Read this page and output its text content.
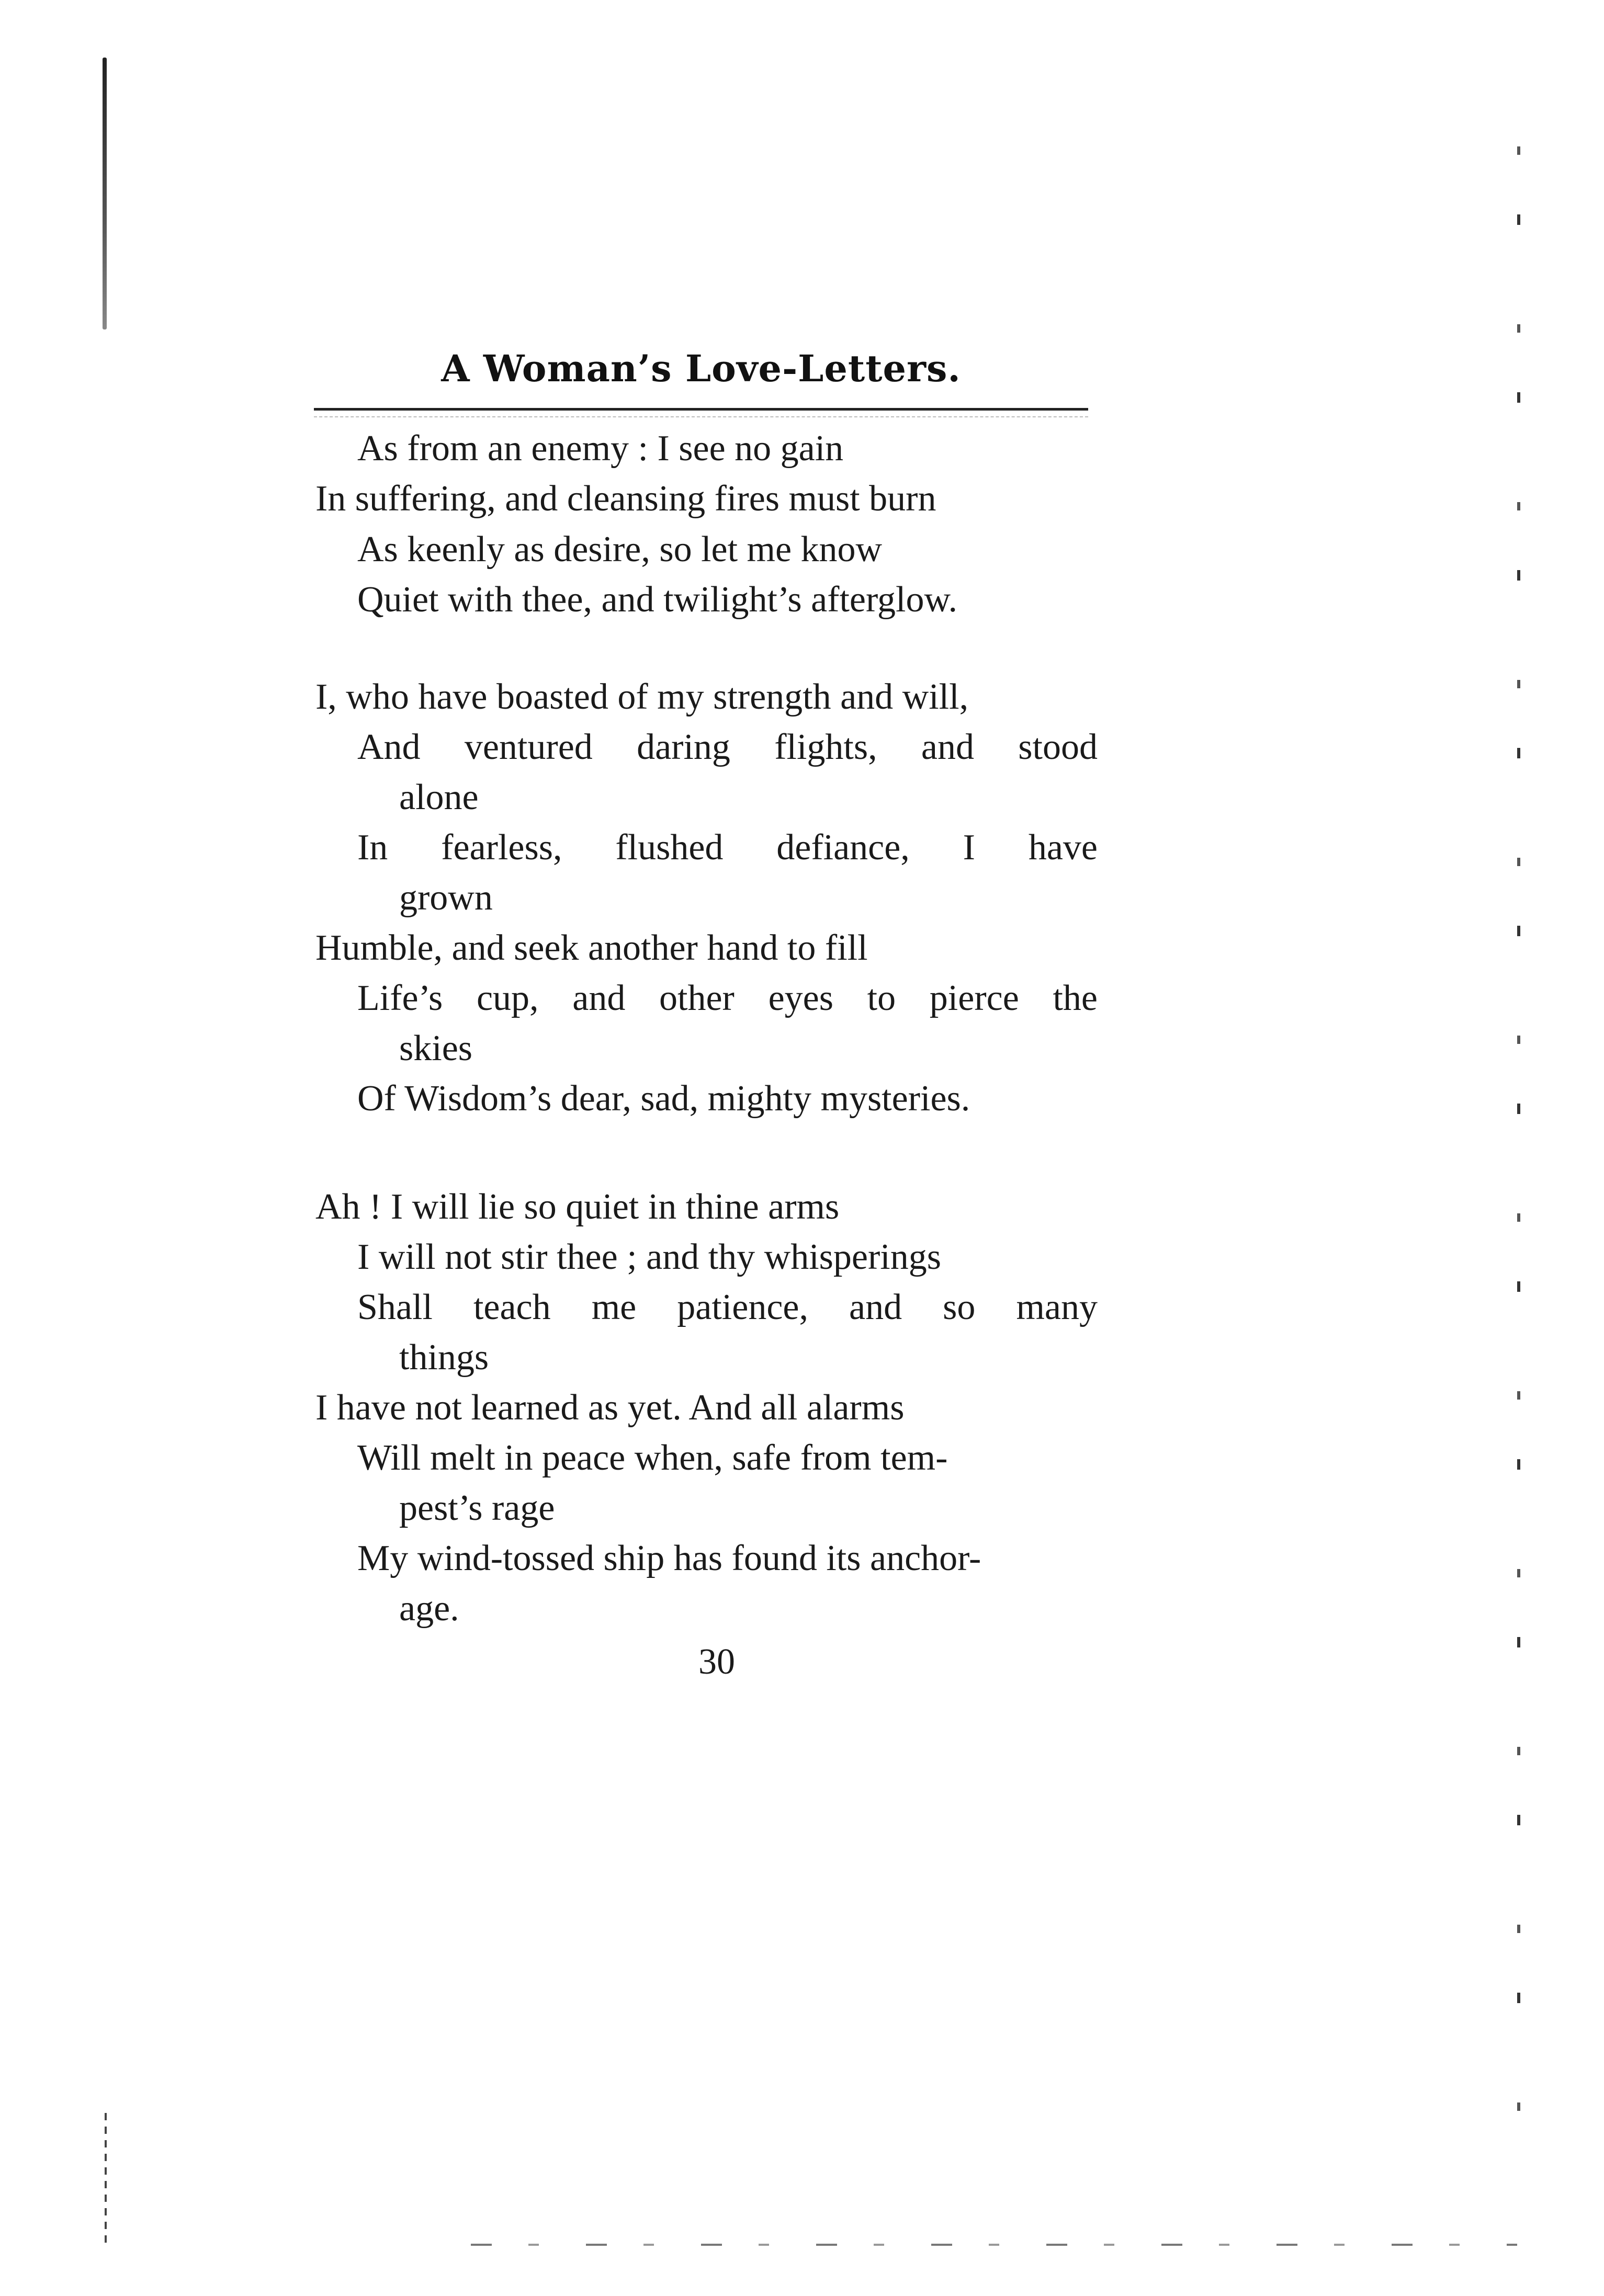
A Woman’s Love-Letters.
As from an enemy : I see no gain
In suffering, and cleansing fires must burn
As keenly as desire, so let me know
Quiet with thee, and twilight’s afterglow.
I, who have boasted of my strength and will,
And ventured daring flights, and stood
alone
In fearless, flushed defiance, I have
grown
Humble, and seek another hand to fill
Life’s cup, and other eyes to pierce the
skies
Of Wisdom’s dear, sad, mighty mysteries.
Ah ! I will lie so quiet in thine arms
I will not stir thee ; and thy whisperings
Shall teach me patience, and so many
things
I have not learned as yet. And all alarms
Will melt in peace when, safe from tem-
pest’s rage
My wind-tossed ship has found its anchor-
age.
30
